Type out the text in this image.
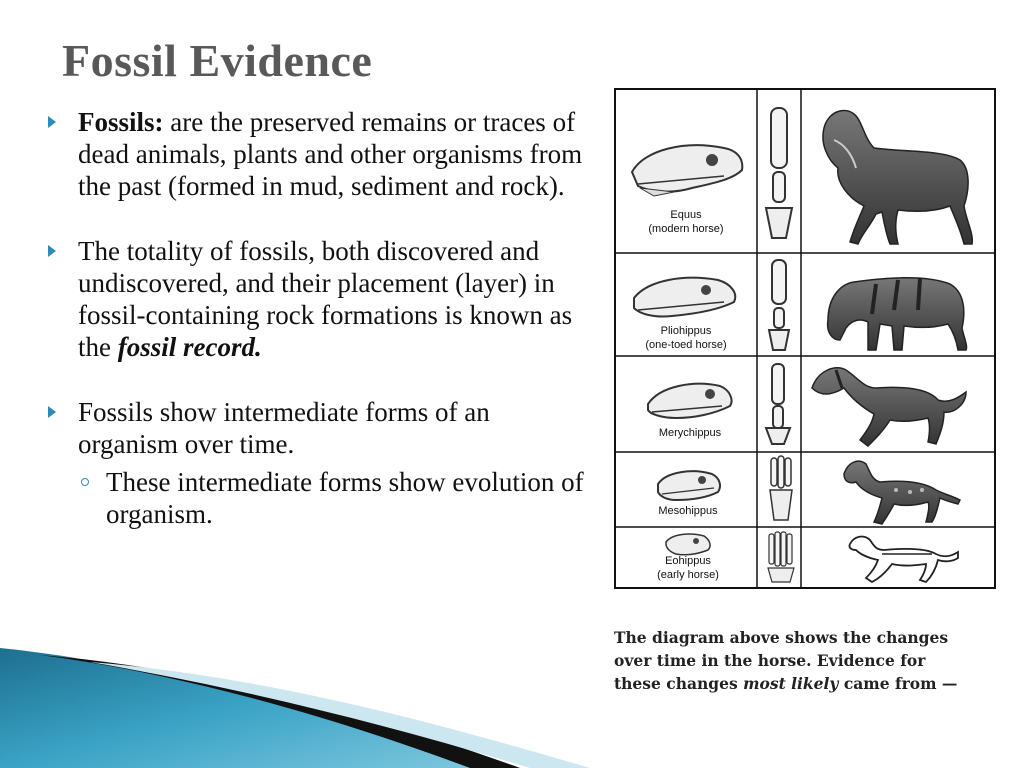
Fossil Evidence

Fossils: are the preserved remains or traces of dead animals, plants and other organisms from the past (formed in mud, sediment and rock).

The totality of fossils, both discovered and undiscovered, and their placement (layer) in fossil-containing rock formations is known as the fossil record.

Fossils show intermediate forms of an organism over time.

These intermediate forms show evolution of organism.

Equus
(modern horse)
Pliohippus
(one-toed horse)
Merychippus
Mesohippus
Eohippus
(early horse)
The diagram above shows the changes
over time in the horse. Evidence for
these changes most likely came from —
